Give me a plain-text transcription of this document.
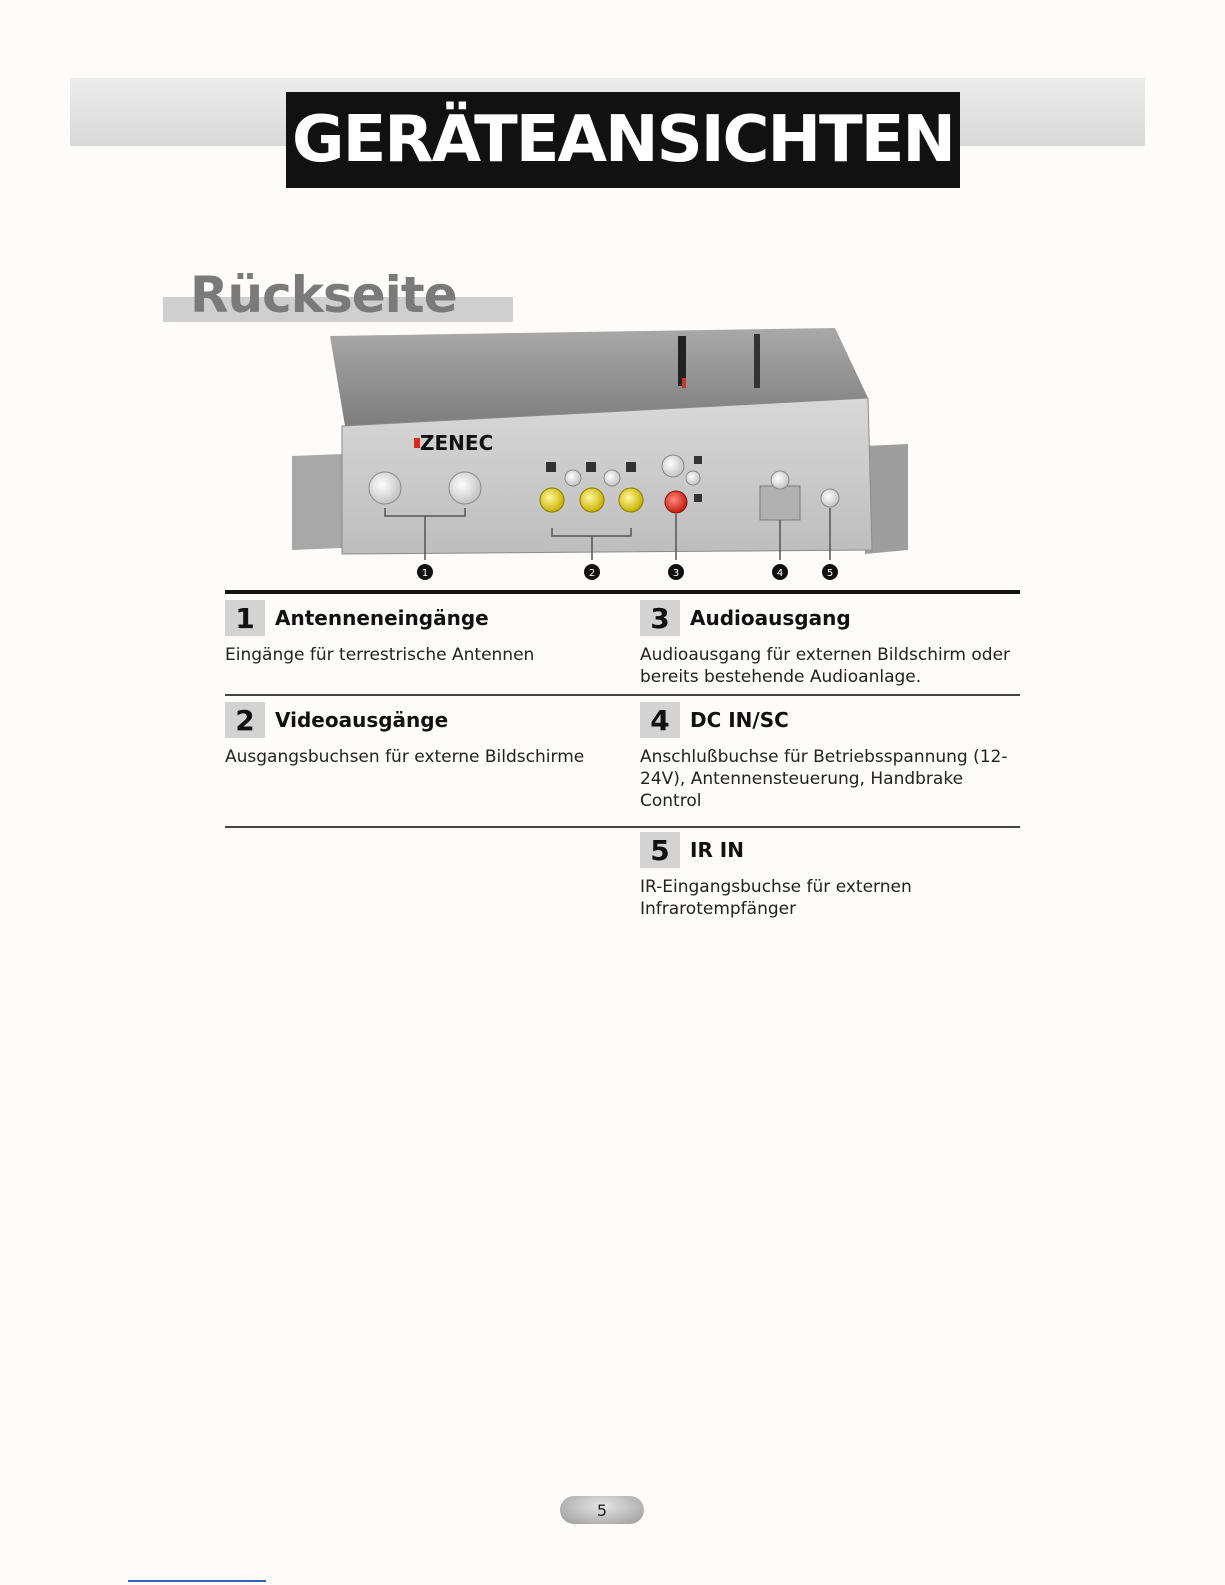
GERÄTEANSICHTEN
Rückseite
ZENEC
1	2	3	4	5
1	Antenneneingänge
Eingänge für terrestrische Antennen
3	Audioausgang
Audioausgang für externen Bildschirm oder bereits bestehende Audioanlage.
2	Videoausgänge
Ausgangsbuchsen für externe Bildschirme
4	DC IN/SC
Anschlußbuchse für Betriebsspannung (12-24V), Antennensteuerung, Handbrake Control
5	IR IN
IR-Eingangsbuchse für externen Infrarotempfänger
5
